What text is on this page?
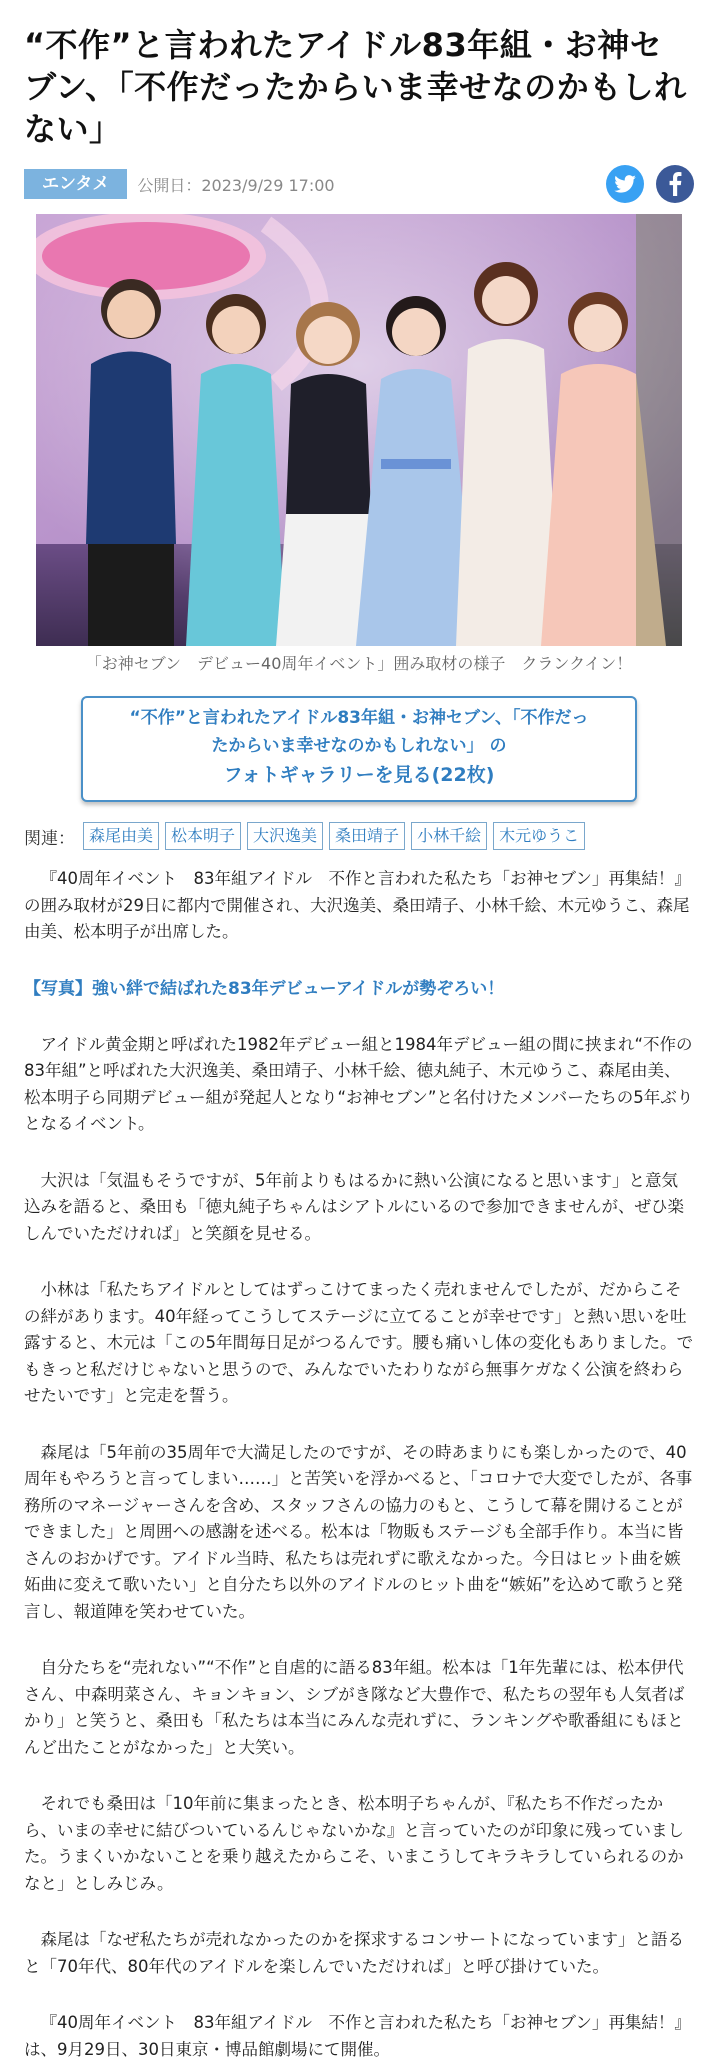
“不作”と言われたアイドル83年組・お神セブン、「不作だったからいま幸せなのかもしれない」
エンタメ	公開日：2023/9/29 17:00
「お神セブン　デビュー40周年イベント」囲み取材の様子　クランクイン！
“不作”と言われたアイドル83年組・お神セブン、「不作だっ
たからいま幸せなのかもしれない」 の
フォトギャラリーを見る(22枚)
関連： 森尾由美	松本明子	大沢逸美	桑田靖子	小林千絵	木元ゆうこ

『40周年イベント　83年組アイドル　不作と言われた私たち「お神セブン」再集結！』の囲み取材が29日に都内で開催され、大沢逸美、桑田靖子、小林千絵、木元ゆうこ、森尾由美、松本明子が出席した。

【写真】強い絆で結ばれた83年デビューアイドルが勢ぞろい！

アイドル黄金期と呼ばれた1982年デビュー組と1984年デビュー組の間に挟まれ“不作の83年組”と呼ばれた大沢逸美、桑田靖子、小林千絵、徳丸純子、木元ゆうこ、森尾由美、松本明子ら同期デビュー組が発起人となり“お神セブン”と名付けたメンバーたちの5年ぶりとなるイベント。

大沢は「気温もそうですが、5年前よりもはるかに熱い公演になると思います」と意気込みを語ると、桑田も「徳丸純子ちゃんはシアトルにいるので参加できませんが、ぜひ楽しんでいただければ」と笑顔を見せる。

小林は「私たちアイドルとしてはずっこけてまったく売れませんでしたが、だからこその絆があります。40年経ってこうしてステージに立てることが幸せです」と熱い思いを吐露すると、木元は「この5年間毎日足がつるんです。腰も痛いし体の変化もありました。でもきっと私だけじゃないと思うので、みんなでいたわりながら無事ケガなく公演を終わらせたいです」と完走を誓う。

森尾は「5年前の35周年で大満足したのですが、その時あまりにも楽しかったので、40周年もやろうと言ってしまい……」と苦笑いを浮かべると、「コロナで大変でしたが、各事務所のマネージャーさんを含め、スタッフさんの協力のもと、こうして幕を開けることができました」と周囲への感謝を述べる。松本は「物販もステージも全部手作り。本当に皆さんのおかげです。アイドル当時、私たちは売れずに歌えなかった。今日はヒット曲を嫉妬曲に変えて歌いたい」と自分たち以外のアイドルのヒット曲を“嫉妬”を込めて歌うと発言し、報道陣を笑わせていた。

自分たちを“売れない”“不作”と自虐的に語る83年組。松本は「1年先輩には、松本伊代さん、中森明菜さん、キョンキョン、シブがき隊など大豊作で、私たちの翌年も人気者ばかり」と笑うと、桑田も「私たちは本当にみんな売れずに、ランキングや歌番組にもほとんど出たことがなかった」と大笑い。

それでも桑田は「10年前に集まったとき、松本明子ちゃんが、『私たち不作だったから、いまの幸せに結びついているんじゃないかな』と言っていたのが印象に残っていました。うまくいかないことを乗り越えたからこそ、いまこうしてキラキラしていられるのかなと」としみじみ。

森尾は「なぜ私たちが売れなかったのかを探求するコンサートになっています」と語ると「70年代、80年代のアイドルを楽しんでいただければ」と呼び掛けていた。

『40周年イベント　83年組アイドル　不作と言われた私たち「お神セブン」再集結！』は、9月29日、30日東京・博品館劇場にて開催。
